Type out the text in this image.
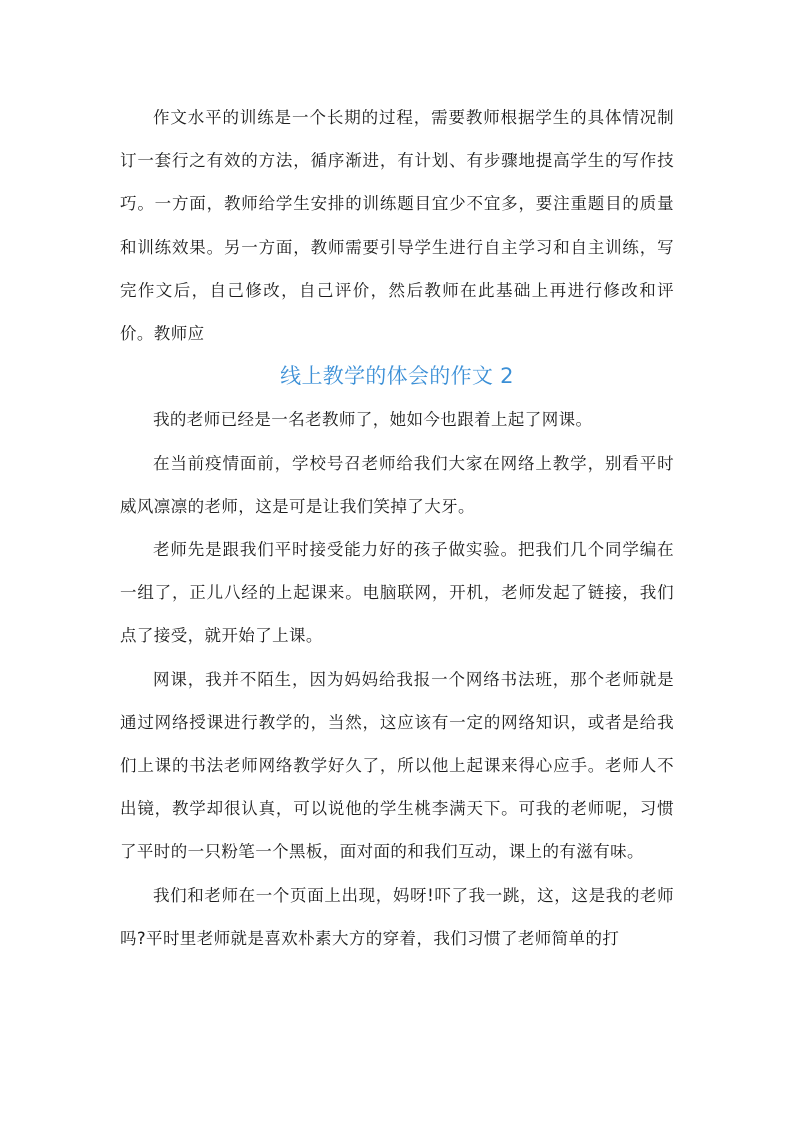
作文水平的训练是一个长期的过程，需要教师根据学生的具体情况制订一套行之有效的方法，循序渐进，有计划、有步骤地提高学生的写作技巧。一方面，教师给学生安排的训练题目宜少不宜多，要注重题目的质量和训练效果。另一方面，教师需要引导学生进行自主学习和自主训练，写完作文后，自己修改，自己评价，然后教师在此基础上再进行修改和评价。教师应

线上教学的体会的作文 2

我的老师已经是一名老教师了，她如今也跟着上起了网课。

在当前疫情面前，学校号召老师给我们大家在网络上教学，别看平时威风凛凛的老师，这是可是让我们笑掉了大牙。

老师先是跟我们平时接受能力好的孩子做实验。把我们几个同学编在一组了，正儿八经的上起课来。电脑联网，开机，老师发起了链接，我们点了接受，就开始了上课。

网课，我并不陌生，因为妈妈给我报一个网络书法班，那个老师就是通过网络授课进行教学的，当然，这应该有一定的网络知识，或者是给我们上课的书法老师网络教学好久了，所以他上起课来得心应手。老师人不出镜，教学却很认真，可以说他的学生桃李满天下。可我的老师呢，习惯了平时的一只粉笔一个黑板，面对面的和我们互动，课上的有滋有味。

我们和老师在一个页面上出现，妈呀!吓了我一跳，这，这是我的老师吗?平时里老师就是喜欢朴素大方的穿着，我们习惯了老师简单的打
